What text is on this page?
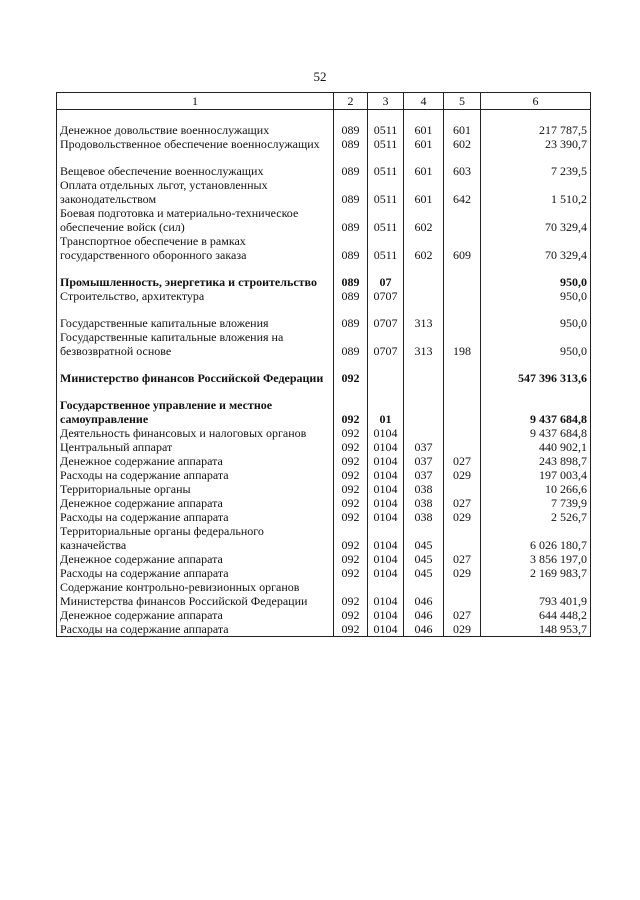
52
1	2	3	4	5	6

Денежное довольствие военнослужащих	089	0511	601	601	217 787,5
Продовольственное обеспечение военнослужащих	089	0511	601	602	23 390,7

Вещевое обеспечение военнослужащих	089	0511	601	603	7 239,5
Оплата отдельных льгот, установленных законодательством	089	0511	601	642	1 510,2
Боевая подготовка и материально-техническое обеспечение войск (сил)	089	0511	602		70 329,4
Транспортное обеспечение в рамках государственного оборонного заказа	089	0511	602	609	70 329,4

Промышленность, энергетика и строительство	089	07			950,0
Строительство, архитектура	089	0707			950,0

Государственные капитальные вложения	089	0707	313		950,0
Государственные капитальные вложения на безвозвратной основе	089	0707	313	198	950,0

Министерство финансов Российской Федерации	092				547 396 313,6

Государственное управление и местное самоуправление	092	01			9 437 684,8
Деятельность финансовых и налоговых органов	092	0104			9 437 684,8
Центральный аппарат	092	0104	037		440 902,1
Денежное содержание аппарата	092	0104	037	027	243 898,7
Расходы на содержание аппарата	092	0104	037	029	197 003,4
Территориальные органы	092	0104	038		10 266,6
Денежное содержание аппарата	092	0104	038	027	7 739,9
Расходы на содержание аппарата	092	0104	038	029	2 526,7
Территориальные органы федерального казначейства	092	0104	045		6 026 180,7
Денежное содержание аппарата	092	0104	045	027	3 856 197,0
Расходы на содержание аппарата	092	0104	045	029	2 169 983,7
Содержание контрольно-ревизионных органов Министерства финансов Российской Федерации	092	0104	046		793 401,9
Денежное содержание аппарата	092	0104	046	027	644 448,2
Расходы на содержание аппарата	092	0104	046	029	148 953,7
